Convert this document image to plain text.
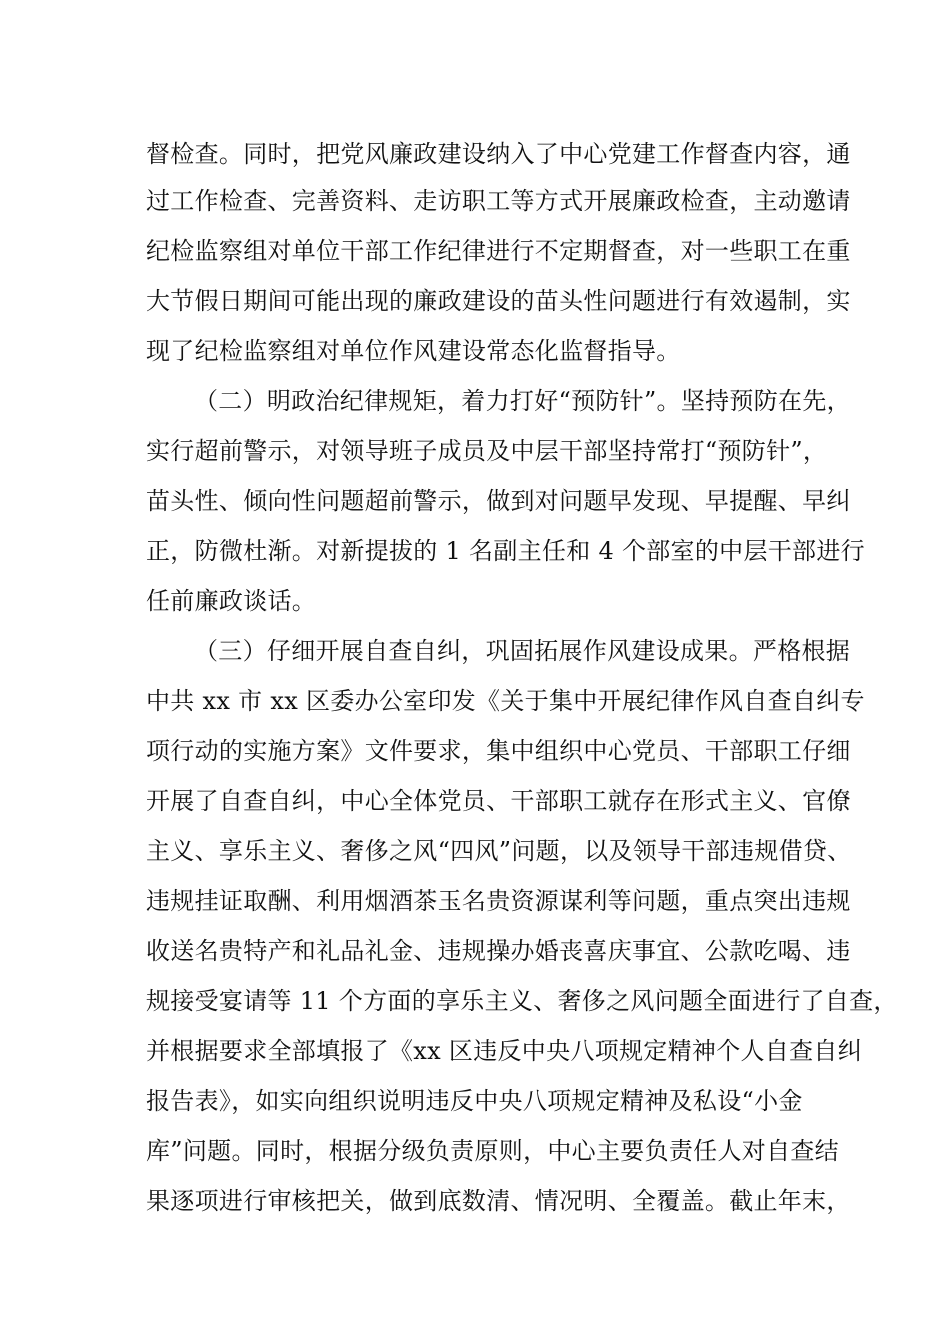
督检查。同时，把党风廉政建设纳入了中心党建工作督查内容，通
过工作检查、完善资料、走访职工等方式开展廉政检查，主动邀请
纪检监察组对单位干部工作纪律进行不定期督查，对一些职工在重
大节假日期间可能出现的廉政建设的苗头性问题进行有效遏制，实
现了纪检监察组对单位作风建设常态化监督指导。
（二）明政治纪律规矩，着力打好“预防针”。坚持预防在先，
实行超前警示，对领导班子成员及中层干部坚持常打“预防针”，
苗头性、倾向性问题超前警示，做到对问题早发现、早提醒、早纠
正，防微杜渐。对新提拔的 1 名副主任和 4 个部室的中层干部进行
任前廉政谈话。
（三）仔细开展自查自纠，巩固拓展作风建设成果。严格根据
中共 xx 市 xx 区委办公室印发《关于集中开展纪律作风自查自纠专
项行动的实施方案》文件要求，集中组织中心党员、干部职工仔细
开展了自查自纠，中心全体党员、干部职工就存在形式主义、官僚
主义、享乐主义、奢侈之风“四风”问题，以及领导干部违规借贷、
违规挂证取酬、利用烟酒茶玉名贵资源谋利等问题，重点突出违规
收送名贵特产和礼品礼金、违规操办婚丧喜庆事宜、公款吃喝、违
规接受宴请等 11 个方面的享乐主义、奢侈之风问题全面进行了自查，
并根据要求全部填报了《xx 区违反中央八项规定精神个人自查自纠
报告表》，如实向组织说明违反中央八项规定精神及私设“小金
库”问题。同时，根据分级负责原则，中心主要负责任人对自查结
果逐项进行审核把关，做到底数清、情况明、全覆盖。截止年末，
